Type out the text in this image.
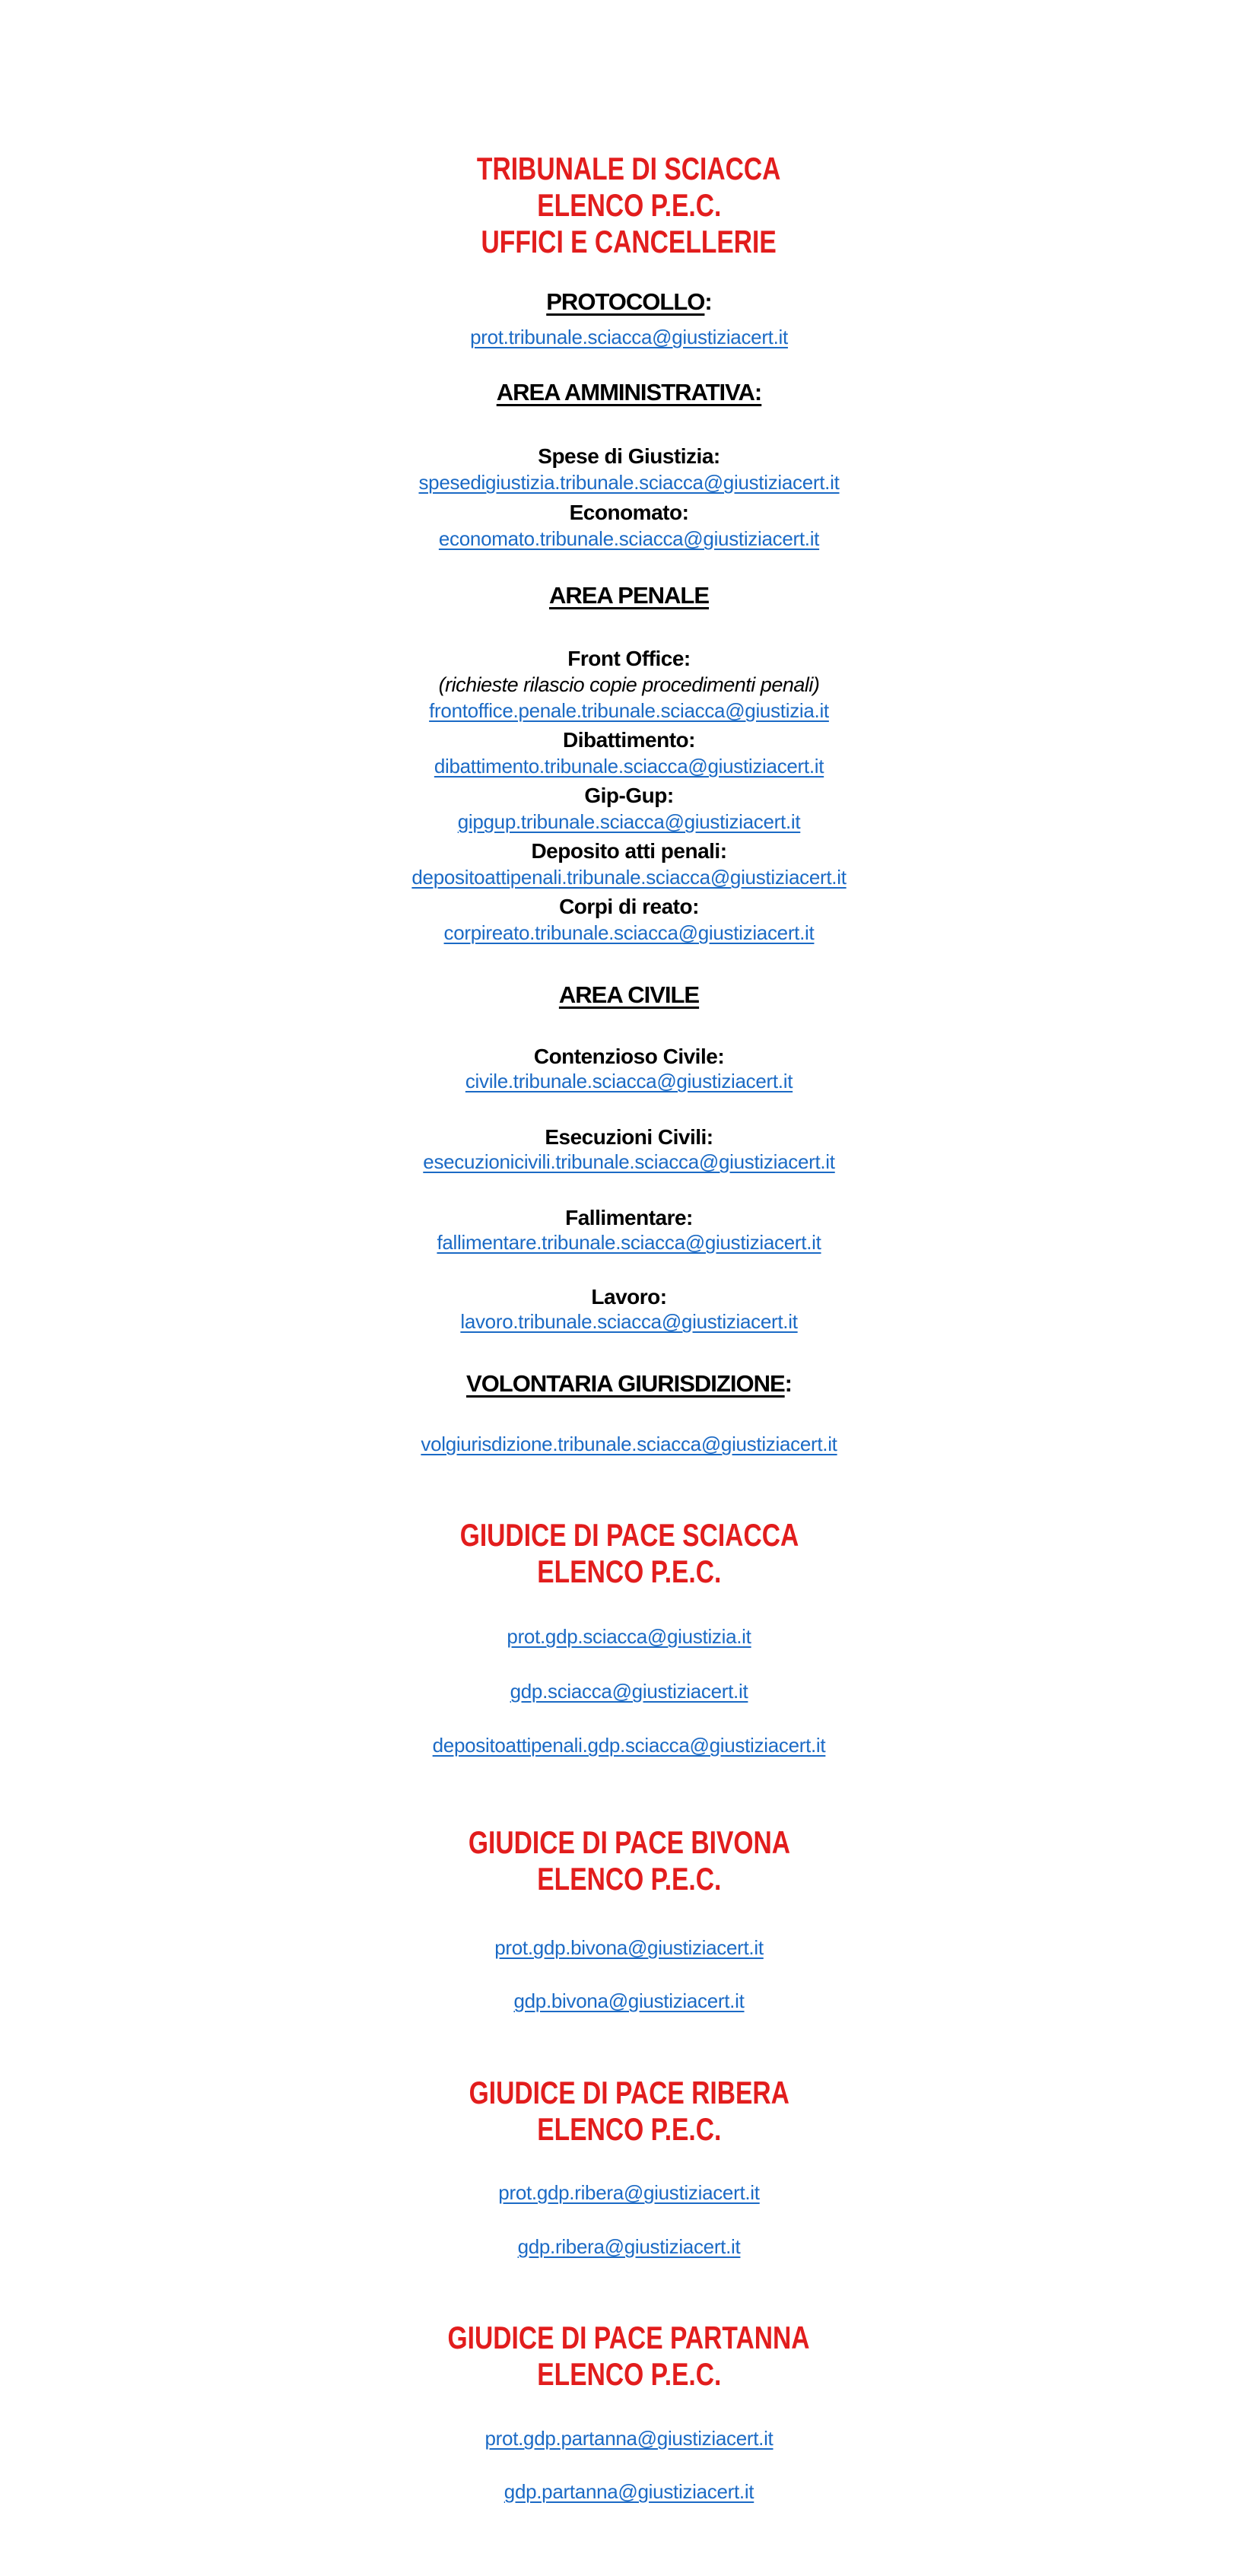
TRIBUNALE DI SCIACCA
ELENCO P.E.C.
UFFICI E CANCELLERIE
PROTOCOLLO:
prot.tribunale.sciacca@giustiziacert.it
AREA AMMINISTRATIVA:
Spese di Giustizia:
spesedigiustizia.tribunale.sciacca@giustiziacert.it
Economato:
economato.tribunale.sciacca@giustiziacert.it
AREA PENALE
Front Office:
(richieste rilascio copie procedimenti penali)
frontoffice.penale.tribunale.sciacca@giustizia.it
Dibattimento:
dibattimento.tribunale.sciacca@giustiziacert.it
Gip-Gup:
gipgup.tribunale.sciacca@giustiziacert.it
Deposito atti penali:
depositoattipenali.tribunale.sciacca@giustiziacert.it
Corpi di reato:
corpireato.tribunale.sciacca@giustiziacert.it
AREA CIVILE
Contenzioso Civile:
civile.tribunale.sciacca@giustiziacert.it
Esecuzioni Civili:
esecuzionicivili.tribunale.sciacca@giustiziacert.it
Fallimentare:
fallimentare.tribunale.sciacca@giustiziacert.it
Lavoro:
lavoro.tribunale.sciacca@giustiziacert.it
VOLONTARIA GIURISDIZIONE:
volgiurisdizione.tribunale.sciacca@giustiziacert.it
GIUDICE DI PACE SCIACCA
ELENCO P.E.C.
prot.gdp.sciacca@giustizia.it
gdp.sciacca@giustiziacert.it
depositoattipenali.gdp.sciacca@giustiziacert.it
GIUDICE DI PACE BIVONA
ELENCO P.E.C.
prot.gdp.bivona@giustiziacert.it
gdp.bivona@giustiziacert.it
GIUDICE DI PACE RIBERA
ELENCO P.E.C.
prot.gdp.ribera@giustiziacert.it
gdp.ribera@giustiziacert.it
GIUDICE DI PACE PARTANNA
ELENCO P.E.C.
prot.gdp.partanna@giustiziacert.it
gdp.partanna@giustiziacert.it
